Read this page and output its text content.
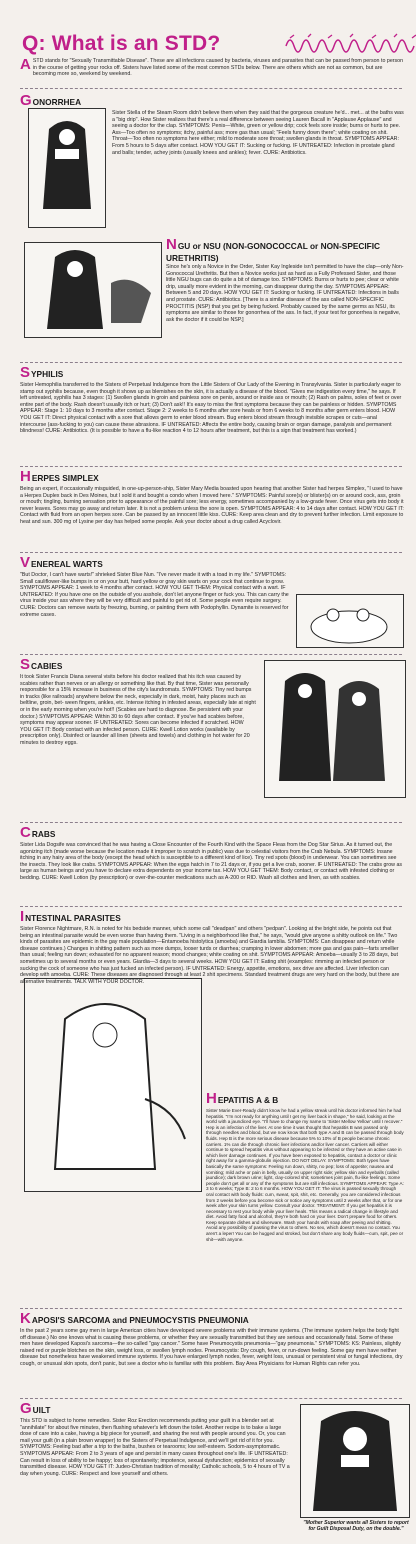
Q: What is an STD?

A STD stands for "Sexually Transmittable Disease". These are all infections caused by bacteria, viruses and parasites that can be passed from person to person in the course of getting your rocks off. Sisters have listed some of the most common STDs below. There are others which are not as common, but are becoming more so, weekend by weekend.

GONORRHEA

Sister Stella of the Steam Room didn't believe them when they said that the gorgeous creature he'd... met... at the baths was a "big drip". How Sister realizes that there's a real difference between seeing Lauren Bacall in "Applause Applause" and seeing a doctor for the clap. SYMPTOMS: Penis—White, green or yellow drip; cock feels sore inside; burns or hurts to pee. Ass—Too often no symptoms; itchy, painful ass; more gas than usual; "Feels funny down there"; white coating on shit. Throat—Too often no symptoms here either; mild to moderate sore throat; swollen glands in throat. SYMPTOMS APPEAR: From 5 hours to 5 days after contact. HOW YOU GET IT: Sucking or fucking. IF UNTREATED: Infection in prostate gland and balls; tender, achey joints (usually knees and ankles); fever. CURE: Antibiotics.

NGU or NSU (NON-GONOCOCCAL or NON-SPECIFIC URETHRITIS)

Since he's only a Novice in the Order, Sister Kay Ingleside isn't permitted to have the clap—only Non-Gonococcal Urethritis. But then a Novice works just as hard as a Fully Professed Sister, and those little NGU bugs can do quite a bit of damage too. SYMPTOMS: Burns or hurts to pee; clear or white drip, usually more evident in the morning, can disappear during the day. SYMPTOMS APPEAR: Between 5 and 20 days. HOW YOU GET IT: Sucking or fucking. IF UNTREATED: Infections in balls and prostate. CURE: Antibiotics. [There is a similar disease of the ass called NON-SPECIFIC PROCTITIS (NSP) that you get by being fucked. Probably caused by the same germs as NSU, its symptoms are similar to those for gonorrhea of the ass. In fact, if your test for gonorrhea is negative, ask the doctor if it could be NSP.]

SYPHILIS

Sister Hemophilia transferred to the Sisters of Perpetual Indulgence from the Little Sisters of Our Lady of the Evening in Transylvania. Sister is particularly eager to stamp out syphilis because, even though it shows up as blemishes on the skin, it is actually a disease of the blood. "Gives me indigestion every time," he says. If left untreated, syphilis has 3 stages: (1) Swollen glands in groin and painless sore on penis, around or inside ass or mouth; (2) Rash on palms, soles of feet or over entire part of the body. Rash doesn't usually itch or hurt; (3) Don't ask!! It's easy to miss the first symptoms because they can be painless or hidden. SYMPTOMS APPEAR: Stage 1: 10 days to 3 months after contact. Stage 2: 2 weeks to 6 months after sore heals or from 6 weeks to 8 months after germ enters blood. HOW YOU GET IT: Direct physical contact with a sore that allows germ to enter blood stream. Bug enters blood stream through invisible scrapes or cuts—anal intercourse (ass-fucking to you) can cause these abrasions. IF UNTREATED: Affects the entire body, causing brain or organ damage, paralysis and permanent blindness! CURE: Antibiotics. (It is possible to have a flu-like reaction 4 to 12 hours after treatment, but this is a sign that treatment has worked.)

HERPES SIMPLEX

Being an expert, if occasionally misguided, in one-up-person-ship, Sister Mary Media boasted upon hearing that another Sister had herpes Simplex, "I used to have a Herpes Duplex back in Des Moines, but I sold it and bought a condo when I moved here." SYMPTOMS: Painful sore(s) or blister(s) on or around cock, ass, groin or mouth; tingling, burning sensation prior to appearance of the painful sore; less energy, sometimes accompanied by a low-grade fever. Once virus gets into body it never leaves. Sores may go away and return later. It is not a problem unless the sore is open. SYMPTOMS APPEAR: 4 to 14 days after contact. HOW YOU GET IT: Contact with fluid from an open herpes sore. Can be passed by an innocent little kiss. CURE: Keep area clean and dry to prevent further infection. Limit exposure to heat and sun. 300 mg of Lysine per day has helped some people. Ask your doctor about a drug called Acyclovir.

VENEREAL WARTS

"But Doctor, I can't have warts!" shrieked Sister Blue Nun. "I've never made it with a toad in my life." SYMPTOMS: Small cauliflower-like bumps in or on your butt, hard yellow or gray skin warts on your cock that continue to grow. SYMPTOMS APPEAR: 1 week to 4 months after contact. HOW YOU GET THEM: Physical contact with a wart. IF UNTREATED: If you have one on the outside of you asshole, don't let anyone finger or fuck you. This can carry the virus inside your ass where they will be very difficult and painful to get rid of. Some people even require surgery. CURE: Doctors can remove warts by freezing, burning, or painting them with Podophyllin. Dynamite is reserved for extreme cases.

SCABIES

It took Sister Francis Diana several visits before his doctor realized that his itch was caused by scabies rather than nerves or an allergy or something like that. By that time, Sister was personally responsible for a 15% increase in business of the city's laundromats. SYMPTOMS: Tiny red bumps in tracks (like railroads) anywhere below the neck, especially in dark, moist, hairy places such as beltline, groin, bet- ween fingers, ankles, etc. Intense itching in infested areas, especially late at night or in the early morning when you're hot!! (Scabies are hard to diagnose. Be persistent with your doctor.) SYMPTOMS APPEAR: Within 30 to 60 days after contact. If you've had scabies before, symptoms may appear sooner. IF UNTREATED: Sores can become infected if scratched. HOW YOU GET IT: Body contact with an infected person. CURE: Kwell Lotion works (available by prescription only). Disinfect or launder all linen (sheets and towels) and clothing in hot water for 20 minutes to destroy eggs.

CRABS

Sister Lida Dogsife was convinced that he was having a Close Encounter of the Fourth Kind with the Space Fleas from the Dog Star Sirius. As it turned out, the agonizing itch (made worse because the location made it improper to scratch in public) was due to celestial visitors from the Crab Nebula. SYMPTOMS: Insane itching in any hairy area of the body (except the head which is susceptible to a different kind of lice). Tiny red spots (blood) in underwear. You can sometimes see the insects. They look like crabs. SYMPTOMS APPEAR: When the eggs hatch in 7 to 21 days or, if you get a live crab, sooner. IF UNTREATED: The crabs grow as large as human beings and you have to declare extra dependents on your income tax. HOW YOU GET THEM: Body contact, or contact with infested clothing or bedding. CURE: Kwell Lotion (by prescription) or over-the-counter medications such as A-200 or RID. Wash all clothes and linen, as with scabies.

INTESTINAL PARASITES

Sister Florence Nightmare, R.N. is noted for his bedside manner, which some call "deadpan" and others "pedpan". Looking at the bright side, he points out that being an intestinal parasite would be even worse than having them. "Living in a neighborhood like that," he says, "would give anyone a shitty outlook on life." Two kinds of parasites are epidemic in the gay male population—Entamoeba histolytica (amoeba) and Giardia lamblia. SYMPTOMS: Can disappear and return while disease continues.) Changes in shitting pattern such as more dumps, looser turds or diarrhea; cramping in lower abdomen; more gas and gas pain—farts smellier than usual; feeling run down; exhausted for no apparent reason; mood changes; white coating on shit. SYMPTOMS APPEAR: Amoeba—usually 3 to 28 days, but sometimes up to several months or even years. Giardia—3 days to several weeks. HOW YOU GET IT: Eating shit (examples: rimming an infected person or sucking the cock of someone who has just fucked an infected person). IF UNTREATED: Energy, appetite, emotions, sex drive are affected. Liver infection can develop with amoeba. CURE: These diseases are diagnosed through at least 2 shit specimens. Standard treatment drugs are very hard on the body, but there are alternative treatments. TALK WITH YOUR DOCTOR.

HEPATITIS A & B

Sister Marie Ever-Ready didn't know he had a yellow streak until his doctor informed him he had hepatitis. "I'm not ready for anything until I get my liver back in shape," he said, looking at the world with a jaundiced eye. "I'll have to change my name to 'Sister Mellow Yellow' until I recover." Hep is an infection of the liver. At one time it was thought that hepatitis B was passed only through needles and blood, but we now know that both type A and B can be passed through body fluids. Hep B is the more serious disease because 5% to 10% of B people become chronic carriers. 1% can die through chronic liver infections and/or liver cancer. Carriers will either continue to spread hepatitis virus without appearing to be infected or they have an active case in which liver damage continues. If you have been exposed to hepatitis, contact a doctor or clinic right away for a gamma-globulin injection. DO NOT DELAY. SYMPTOMS: Both types have basically the same symptoms: Feeling run down, shitty, no pep; loss of appetite; nausea and vomiting; mild ache or pain in belly, usually on upper right side; yellow skin and eyeballs (called jaundice); dark brown urine; light, clay-colored shit; sometimes joint pain, flu-like feelings. Some people don't get all or any of the symptoms but are still infectious. SYMPTOMS APPEAR: Type A: 3 to 6 weeks; Type B: 2 to 6 months. HOW YOU GET IT: The virus is passed sexually through oral contact with body fluids: cum, sweat, spit, shit, etc. Generally, you are considered infectious from 2 weeks before you become sick or notice any symptoms until 2 weeks after that, or for one week after your skin turns yellow. Consult your doctor. TREATMENT: If you get hepatitis it is necessary to rest your body while your liver heals. This means a radical change in lifestyle and diet. Avoid fatty food and alcohol, they're both hard on your liver. Don't prepare food for others. Keep separate dishes and silverware. Wash your hands with soap after peeing and shitting. Avoid any possibility of passing the virus to others. No sex, which doesn't mean no contact. You aren't a leper! You can be hugged and stroked, but don't share any body fluids—cum, spit, pee or shit—with anyone.

KAPOSI'S SARCOMA and PNEUMOCYSTIS PNEUMONIA

In the past 2 years some gay men in large American cities have developed severe problems with their immune systems. (The immune system helps the body fight off disease.) No one knows what is causing these problems, or whether they are sexually transmitted but they are serious and occasionally fatal. Some of these men have developed Kaposi's sarcoma—the so-called "gay cancer." Some have Pneumocystis pneumonia—"gay pneumonia." SYMPTOMS: KS: Painless, slightly raised red or purple blotches on the skin, weight loss, or swollen lymph nodes. Pneumocystis: Dry cough, fever, or run-down feeling. Some gay men have neither disease but nonetheless have weakened immune systems. If you have enlarged lymph nodes, fever, weight loss, unusual or persistent viral or fungal infections, dry cough, or unusual skin spots, don't panic, but see a doctor who is familiar with this problem. Bay Area Physicians for Human Rights can refer you.

GUILT

This STD is subject to home remedies. Sister Roz Erection recommends putting your guilt in a blender set at "annihilate" for about five minutes, then flushing whatever's left down the toilet. Another recipe is to bake a large dose of care into a cake, having a big piece for yourself, and sharing the rest with people around you. Or, you can mail your guilt (in a plain brown wrapper) to the Sisters of Perpetual Indulgence, and we'll get rid of it for you. SYMPTOMS: Feeling bad after a trip to the baths, bushes or tearooms; low self-esteem. Sodom-asymptomatic. SYMPTOMS APPEAR: From 2 to 3 years of age and persist in many cases throughout one's life. IF UNTREATED: Can result in loss of ability to be happy; loss of spontaneity; impotence, sexual dysfunction; epidemics of sexually transmitted disease. HOW YOU GET IT: Judeo-Christian tradition of morality; Catholic schools, 5 to 4 hours of TV a day when young. CURE: Respect and love yourself and others.

"Mother Superior wants all Sisters to report for Guilt Disposal Duty, on the double."
